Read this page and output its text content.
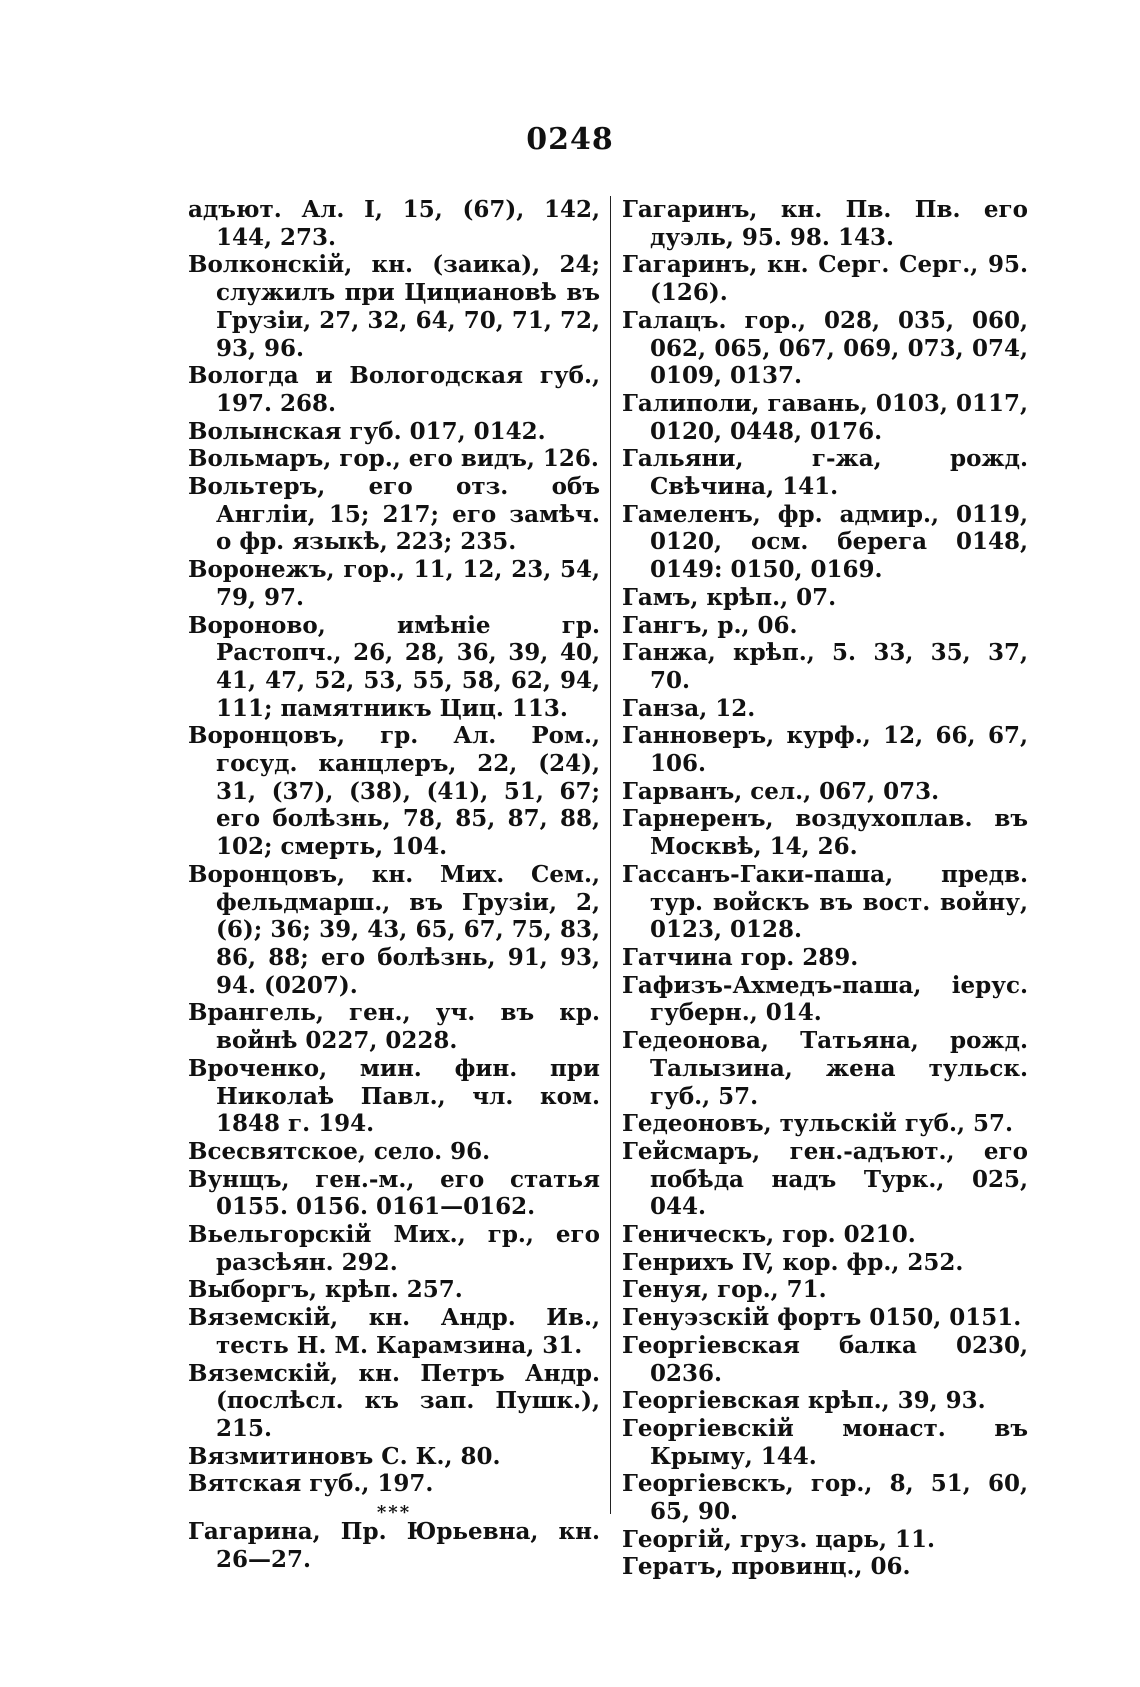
0248

адъют. Ал. I, 15, (67), 142, 144, 273.

Волконскій, кн. (заика), 24; служилъ при Цициановѣ въ Грузіи, 27, 32, 64, 70, 71, 72, 93, 96.

Вологда и Вологодская губ., 197. 268.

Волынская губ. 017, 0142.

Вольмаръ, гор., его видъ, 126.

Вольтеръ, его отз. объ Англіи, 15; 217; его замѣч. о фр. языкѣ, 223; 235.

Воронежъ, гор., 11, 12, 23, 54, 79, 97.

Вороново, имѣніе гр. Растопч., 26, 28, 36, 39, 40, 41, 47, 52, 53, 55, 58, 62, 94, 111; памятникъ Циц. 113.

Воронцовъ, гр. Ал. Ром., госуд. канцлеръ, 22, (24), 31, (37), (38), (41), 51, 67; его болѣзнь, 78, 85, 87, 88, 102; смерть, 104.

Воронцовъ, кн. Мих. Сем., фельдмарш., въ Грузіи, 2, (6); 36; 39, 43, 65, 67, 75, 83, 86, 88; его болѣзнь, 91, 93, 94. (0207).

Врангель, ген., уч. въ кр. войнѣ 0227, 0228.

Вроченко, мин. фин. при Николаѣ Павл., чл. ком. 1848 г. 194.

Всесвятское, село. 96.

Вунщъ, ген.-м., его статья 0155. 0156. 0161—0162.

Вьельгорскій Мих., гр., его разсѣян. 292.

Выборгъ, крѣп. 257.

Вяземскій, кн. Андр. Ив., тесть Н. М. Карамзина, 31.

Вяземскій, кн. Петръ Андр. (послѣсл. къ зап. Пушк.), 215.

Вязмитиновъ С. К., 80.

Вятская губ., 197.

***

Гагарина, Пр. Юрьевна, кн. 26—27.

Гагаринъ, кн. Пв. Пв. его дуэль, 95. 98. 143.

Гагаринъ, кн. Серг. Серг., 95. (126).

Галацъ. гор., 028, 035, 060, 062, 065, 067, 069, 073, 074, 0109, 0137.

Галиполи, гавань, 0103, 0117, 0120, 0448, 0176.

Гальяни, г-жа, рожд. Свѣчина, 141.

Гамеленъ, фр. адмир., 0119, 0120, осм. берега 0148, 0149: 0150, 0169.

Гамъ, крѣп., 07.

Гангъ, р., 06.

Ганжа, крѣп., 5. 33, 35, 37, 70.

Ганза, 12.

Ганноверъ, курф., 12, 66, 67, 106.

Гарванъ, сел., 067, 073.

Гарнеренъ, воздухоплав. въ Москвѣ, 14, 26.

Гассанъ-Гаки-паша, предв. тур. войскъ въ вост. войну, 0123, 0128.

Гатчина гор. 289.

Гафизъ-Ахмедъ-паша, іерус. губерн., 014.

Гедеонова, Татьяна, рожд. Талызина, жена тульск. губ., 57.

Гедеоновъ, тульскій губ., 57.

Гейсмаръ, ген.-адъют., его побѣда надъ Турк., 025, 044.

Геническъ, гор. 0210.

Генрихъ IV, кор. фр., 252.

Генуя, гор., 71.

Генуэзскій фортъ 0150, 0151.

Георгіевская балка 0230, 0236.

Георгіевская крѣп., 39, 93.

Георгіевскій монаст. въ Крыму, 144.

Георгіевскъ, гор., 8, 51, 60, 65, 90.

Георгій, груз. царь, 11.

Гератъ, провинц., 06.
